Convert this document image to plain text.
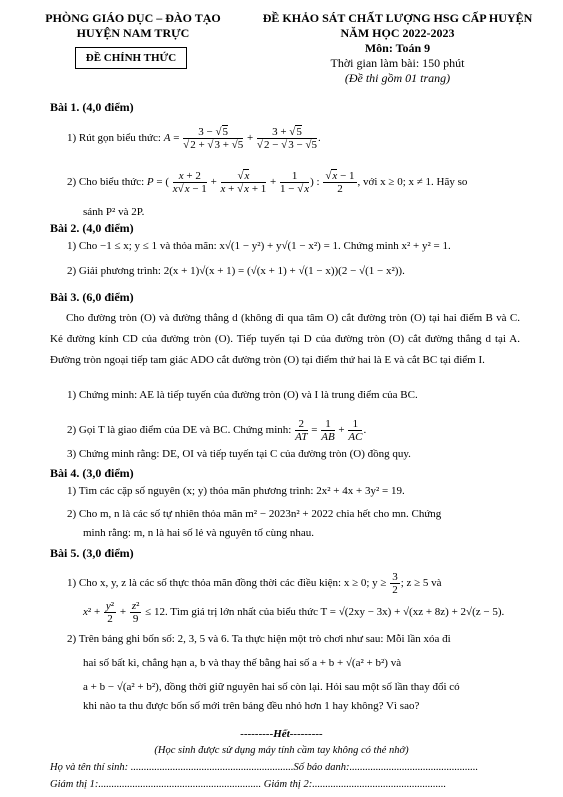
PHÒNG GIÁO DỤC – ĐÀO TẠO
HUYỆN NAM TRỰC
ĐỀ CHÍNH THỨC
ĐỀ KHẢO SÁT CHẤT LƯỢNG HSG CẤP HUYỆN
NĂM HỌC 2022-2023
Môn: Toán 9
Thời gian làm bài: 150 phút
(Đề thi gồm 01 trang)
Bài 1. (4,0 điểm)
1) Rút gọn biểu thức: $A = \frac{3 - √5}{√2 + √3 + √5} + \frac{3 + √5}{√2 - √3 - √5}$ .
2) Cho biểu thức: P = ( $\frac{x + 2}{x√x - 1} + \frac{√x}{x + √x + 1} + \frac{1}{1 - √x}$ ) : $\frac{√x - 1}{2}$ , với x ≥ 0; x ≠ 1. Hãy so
sánh P² và 2P.
Bài 2. (4,0 điểm)
1) Cho −1 ≤ x; y ≤ 1 và thỏa mãn: x√(1 − y²) + y√(1 − x²) = 1. Chứng minh x² + y² = 1.
2) Giải phương trình: 2(x + 1)√(x + 1) = (√(x + 1) + √(1 − x))(2 − √(1 − x²)).
Bài 3. (6,0 điểm)
Cho đường tròn (O) và đường thẳng d (không đi qua tâm O) cắt đường tròn (O) tại hai điểm B và C. Kẻ đường kính CD của đường tròn (O). Tiếp tuyến tại D của đường tròn (O) cắt đường thẳng d tại A. Đường tròn ngoại tiếp tam giác ADO cắt đường tròn (O) tại điểm thứ hai là E và cắt BC tại điểm I.
1) Chứng minh: AE là tiếp tuyến của đường tròn (O) và I là trung điểm của BC.
2) Gọi T là giao điểm của DE và BC. Chứng minh: $\frac{2}{AT} = \frac{1}{AB} + \frac{1}{AC}$ .
3) Chứng minh rằng: DE, OI và tiếp tuyến tại C của đường tròn (O) đồng quy.
Bài 4. (3,0 điểm)
1) Tìm các cặp số nguyên (x; y) thỏa mãn phương trình: 2x² + 4x + 3y² = 19.
2) Cho m, n là các số tự nhiên thỏa mãn m² − 2023n² + 2022 chia hết cho mn. Chứng
minh rằng: m, n là hai số lẻ và nguyên tố cùng nhau.
Bài 5. (3,0 điểm)
1) Cho x, y, z là các số thực thỏa mãn đồng thời các điều kiện: x ≥ 0; $y \ge \frac{3}{2}$ ; z ≥ 5 và
$x^2 + \frac{\text{y²}}{2} + \frac{\text{z²}}{9} \le 12$. Tìm giá trị lớn nhất của biểu thức T = √(2xy − 3x) + √(xz + 8z) + 2√(z − 5).
2) Trên bảng ghi bốn số: 2, 3, 5 và 6. Ta thực hiện một trò chơi như sau: Mỗi lần xóa đi
hai số bất kì, chẳng hạn a, b và thay thế bằng hai số a + b + √(a² + b²) và
a + b − √(a² + b²), đồng thời giữ nguyên hai số còn lại. Hỏi sau một số lần thay đổi có
khi nào ta thu được bốn số mới trên bảng đều nhỏ hơn 1 hay không? Vì sao?
---------Hết---------
(Học sinh được sử dụng máy tính cầm tay không có thẻ nhớ)
Họ và tên thí sinh: ..............................................................Số báo danh:.................................................
Giám thị 1:.............................................................. Giám thị 2:...................................................
